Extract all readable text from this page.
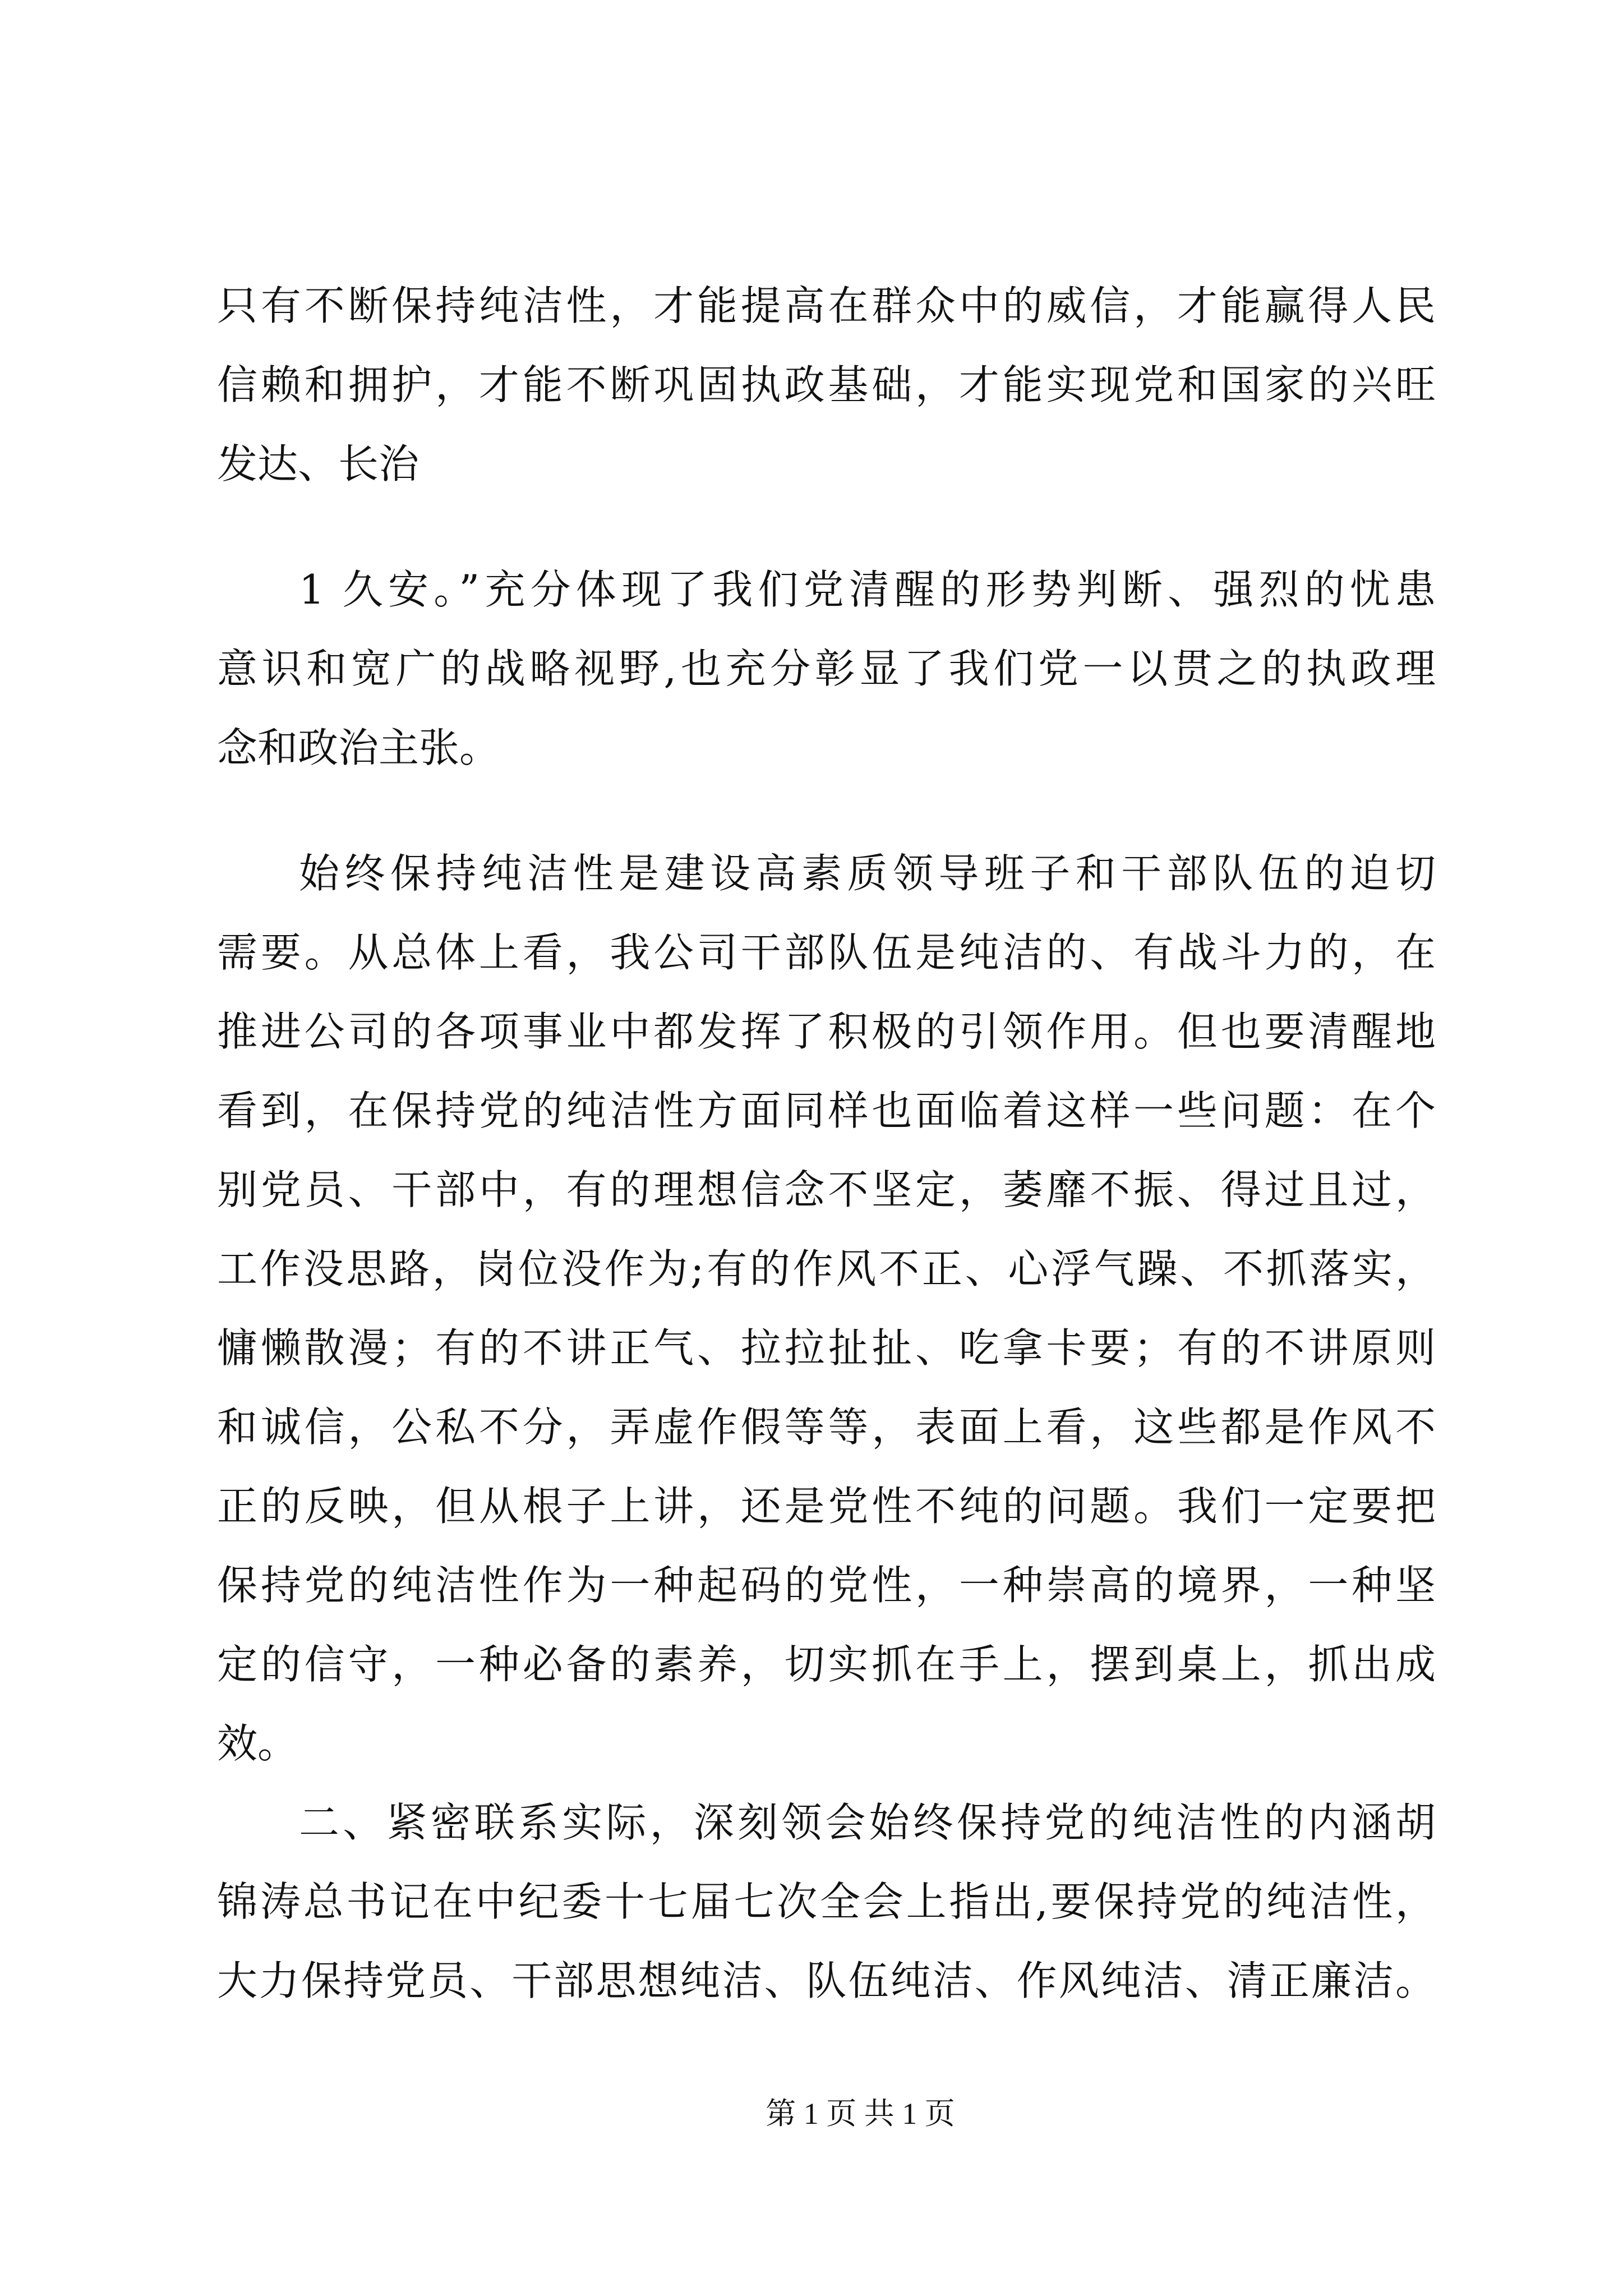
只有不断保持纯洁性，才能提高在群众中的威信，才能赢得人民
信赖和拥护，才能不断巩固执政基础，才能实现党和国家的兴旺
发达、长治
1 久安。”充分体现了我们党清醒的形势判断、强烈的忧患
意识和宽广的战略视野,也充分彰显了我们党一以贯之的执政理
念和政治主张。
始终保持纯洁性是建设高素质领导班子和干部队伍的迫切
需要。从总体上看，我公司干部队伍是纯洁的、有战斗力的，在
推进公司的各项事业中都发挥了积极的引领作用。但也要清醒地
看到，在保持党的纯洁性方面同样也面临着这样一些问题：在个
别党员、干部中，有的理想信念不坚定，萎靡不振、得过且过，
工作没思路，岗位没作为;有的作风不正、心浮气躁、不抓落实，
慵懒散漫；有的不讲正气、拉拉扯扯、吃拿卡要；有的不讲原则
和诚信，公私不分，弄虚作假等等，表面上看，这些都是作风不
正的反映，但从根子上讲，还是党性不纯的问题。我们一定要把
保持党的纯洁性作为一种起码的党性，一种崇高的境界，一种坚
定的信守，一种必备的素养，切实抓在手上，摆到桌上，抓出成
效。
二、紧密联系实际，深刻领会始终保持党的纯洁性的内涵胡
锦涛总书记在中纪委十七届七次全会上指出,要保持党的纯洁性，
大力保持党员、干部思想纯洁、队伍纯洁、作风纯洁、清正廉洁。
第 1 页 共 1 页
